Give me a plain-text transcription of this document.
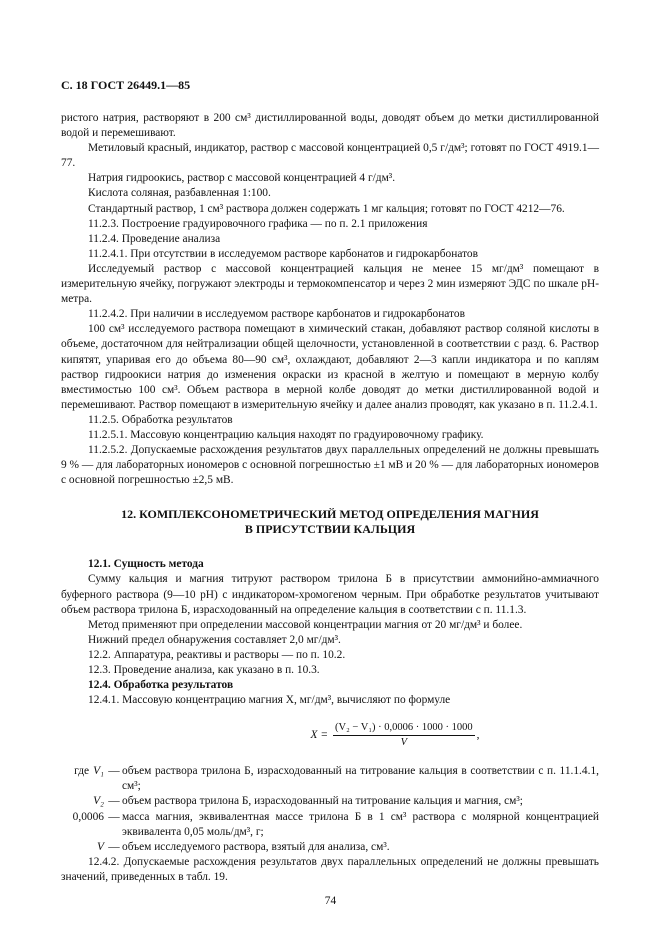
С. 18 ГОСТ 26449.1—85

ристого натрия, растворяют в 200 см³ дистиллированной воды, доводят объем до метки дистиллированной водой и перемешивают.

Метиловый красный, индикатор, раствор с массовой концентрацией 0,5 г/дм³; готовят по ГОСТ 4919.1—77.

Натрия гидроокись, раствор с массовой концентрацией 4 г/дм³.

Кислота соляная, разбавленная 1:100.

Стандартный раствор, 1 см³ раствора должен содержать 1 мг кальция; готовят по ГОСТ 4212—76.

11.2.3. Построение градуировочного графика — по п. 2.1 приложения

11.2.4. Проведение анализа

11.2.4.1. При отсутствии в исследуемом растворе карбонатов и гидрокарбонатов

Исследуемый раствор с массовой концентрацией кальция не менее 15 мг/дм³ помещают в измерительную ячейку, погружают электроды и термокомпенсатор и через 2 мин измеряют ЭДС по шкале pН-метра.

11.2.4.2. При наличии в исследуемом растворе карбонатов и гидрокарбонатов

100 см³ исследуемого раствора помещают в химический стакан, добавляют раствор соляной кислоты в объеме, достаточном для нейтрализации общей щелочности, установленной в соответствии с разд. 6. Раствор кипятят, упаривая его до объема 80—90 см³, охлаждают, добавляют 2—3 капли индикатора и по каплям раствор гидроокиси натрия до изменения окраски из красной в желтую и помещают в мерную колбу вместимостью 100 см³. Объем раствора в мерной колбе доводят до метки дистиллированной водой и перемешивают. Раствор помещают в измерительную ячейку и далее анализ проводят, как указано в п. 11.2.4.1.

11.2.5. Обработка результатов

11.2.5.1. Массовую концентрацию кальция находят по градуировочному графику.

11.2.5.2. Допускаемые расхождения результатов двух параллельных определений не должны превышать 9 % — для лабораторных иономеров с основной погрешностью ±1 мВ и 20 % — для лабораторных иономеров с основной погрешностью ±2,5 мВ.

12. КОМПЛЕКСОНОМЕТРИЧЕСКИЙ МЕТОД ОПРЕДЕЛЕНИЯ МАГНИЯ
В ПРИСУТСТВИИ КАЛЬЦИЯ

12.1. Сущность метода

Сумму кальция и магния титруют раствором трилона Б в присутствии аммонийно-аммиачного буферного раствора (9—10 pН) с индикатором-хромогеном черным. При обработке результатов учитывают объем раствора трилона Б, израсходованный на определение кальция в соответствии с п. 11.1.3.

Метод применяют при определении массовой концентрации магния от 20 мг/дм³ и более.

Нижний предел обнаружения составляет 2,0 мг/дм³.

12.2. Аппаратура, реактивы и растворы — по п. 10.2.

12.3. Проведение анализа, как указано в п. 10.3.

12.4. Обработка результатов

12.4.1. Массовую концентрацию магния X, мг/дм³, вычисляют по формуле

$X = \frac{\text{(V₂ − V₁) · 0,0006 · 1000 · 1000}}{V}$ ,
где V₁ — объем раствора трилона Б, израсходованный на титрование кальция в соответствии с п. 11.1.4.1, см³;
V₂ — объем раствора трилона Б, израсходованный на титрование кальция и магния, см³;
0,0006 — масса магния, эквивалентная массе трилона Б в 1 см³ раствора с молярной концентрацией эквивалента 0,05 моль/дм³, г;
V — объем исследуемого раствора, взятый для анализа, см³.

12.4.2. Допускаемые расхождения результатов двух параллельных определений не должны превышать значений, приведенных в табл. 19.

74
